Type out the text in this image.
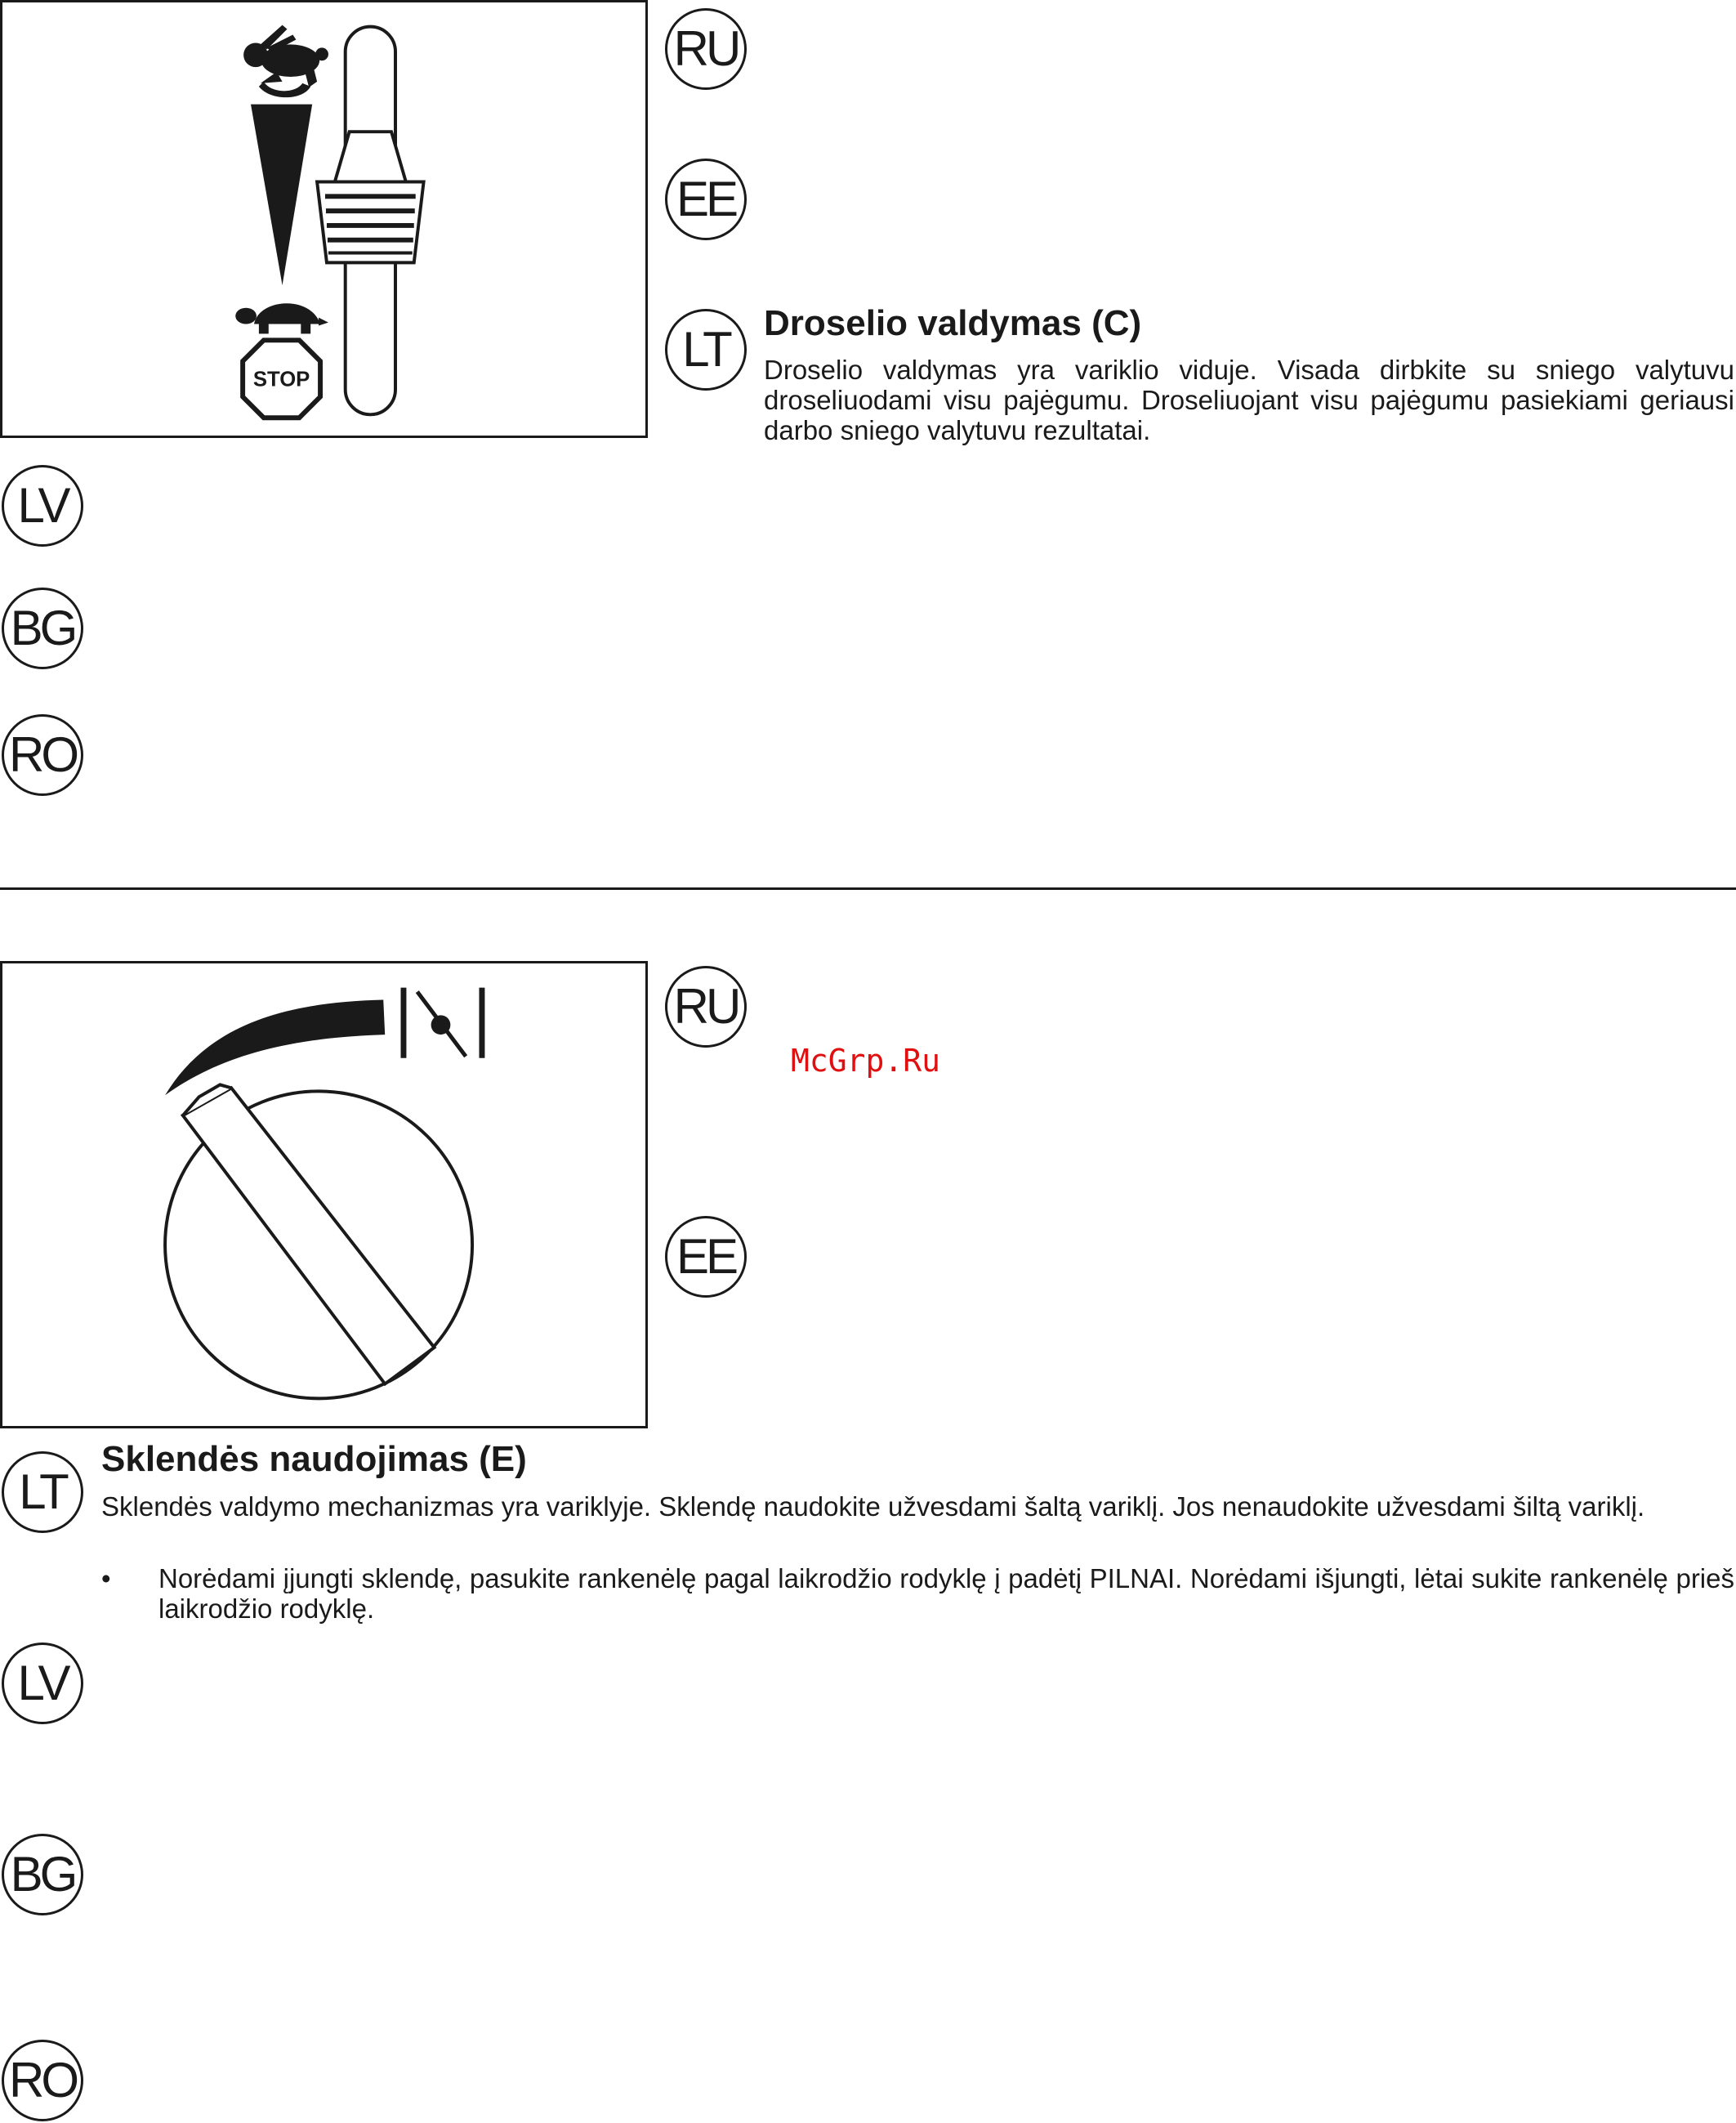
STOP
RU
EE
LT
LV
BG
RO
Droselio valdymas (C)

Droselio valdymas yra variklio viduje. Visada dirbkite su sniego valytuvu droseliuodami visu pajėgumu. Droseliuojant visu pajėgumu pasiekiami geriausi darbo sniego valytuvu rezultatai.

McGrp.Ru
RU
EE
LT
LV
BG
RO
Sklendės naudojimas (E)

Sklendės valdymo mechanizmas yra variklyje. Sklendę naudokite užvesdami šaltą variklį. Jos nenaudokite užvesdami šiltą variklį.

• Norėdami įjungti sklendę, pasukite rankenėlę pagal laikrodžio rodyklę į padėtį PILNAI. Norėdami išjungti, lėtai sukite rankenėlę prieš laikrodžio rodyklę.
